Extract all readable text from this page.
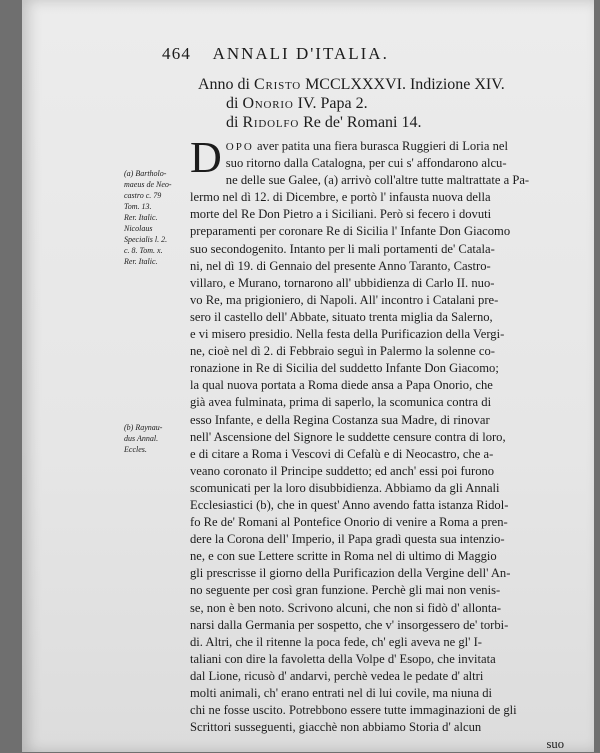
464 ANNALI D'ITALIA.
Anno di Cristo MCCLXXXVI. Indizione XIV.
di Onorio IV. Papa 2.
di Ridolfo Re de' Romani 14.
(a) Bartholo-
maeus de Neo-
castro c. 79
Tom. 13.
Rer. Italic.
Nicolaus
Specialis l. 2.
c. 8. Tom. x.
Rer. Italic.
(b) Raynau-
dus Annal.
Eccles.
D OPO aver patita una fiera burasca Ruggieri di Loria nel
suo ritorno dalla Catalogna, per cui s' affondarono alcu-
ne delle sue Galee, (a) arrivò coll'altre tutte maltrattate a Pa-
lermo nel dì 12. di Dicembre, e portò l' infausta nuova della
morte del Re Don Pietro a i Siciliani. Però si fecero i dovuti
preparamenti per coronare Re di Sicilia l' Infante Don Giacomo
suo secondogenito. Intanto per li mali portamenti de' Catala-
ni, nel dì 19. di Gennaio del presente Anno Taranto, Castro-
villaro, e Murano, tornarono all' ubbidienza di Carlo II. nuo-
vo Re, ma prigioniero, di Napoli. All' incontro i Catalani pre-
sero il castello dell' Abbate, situato trenta miglia da Salerno,
e vi misero presidio. Nella festa della Purificazion della Vergi-
ne, cioè nel dì 2. di Febbraio seguì in Palermo la solenne co-
ronazione in Re di Sicilia del suddetto Infante Don Giacomo;
la qual nuova portata a Roma diede ansa a Papa Onorio, che
già avea fulminata, prima di saperlo, la scomunica contra di
esso Infante, e della Regina Costanza sua Madre, di rinovar
nell' Ascensione del Signore le suddette censure contra di loro,
e di citare a Roma i Vescovi di Cefalù e di Neocastro, che a-
veano coronato il Principe suddetto; ed anch' essi poi furono
scomunicati per la loro disubbidienza. Abbiamo da gli Annali
Ecclesiastici (b), che in quest' Anno avendo fatta istanza Ridol-
fo Re de' Romani al Pontefice Onorio di venire a Roma a pren-
dere la Corona dell' Imperio, il Papa gradì questa sua intenzio-
ne, e con sue Lettere scritte in Roma nel di ultimo di Maggio
gli prescrisse il giorno della Purificazion della Vergine dell' An-
no seguente per così gran funzione. Perchè gli mai non venis-
se, non è ben noto. Scrivono alcuni, che non si fidò d' allonta-
narsi dalla Germania per sospetto, che v' insorgessero de' torbi-
di. Altri, che il ritenne la poca fede, ch' egli aveva ne gl' I-
taliani con dire la favoletta della Volpe d' Esopo, che invitata
dal Lione, ricusò d' andarvi, perchè vedea le pedate d' altri
molti animali, ch' erano entrati nel di lui covile, ma niuna di
chi ne fosse uscito. Potrebbono essere tutte immaginazioni de gli
Scrittori susseguenti, giacchè non abbiamo Storia d' alcun
suo
